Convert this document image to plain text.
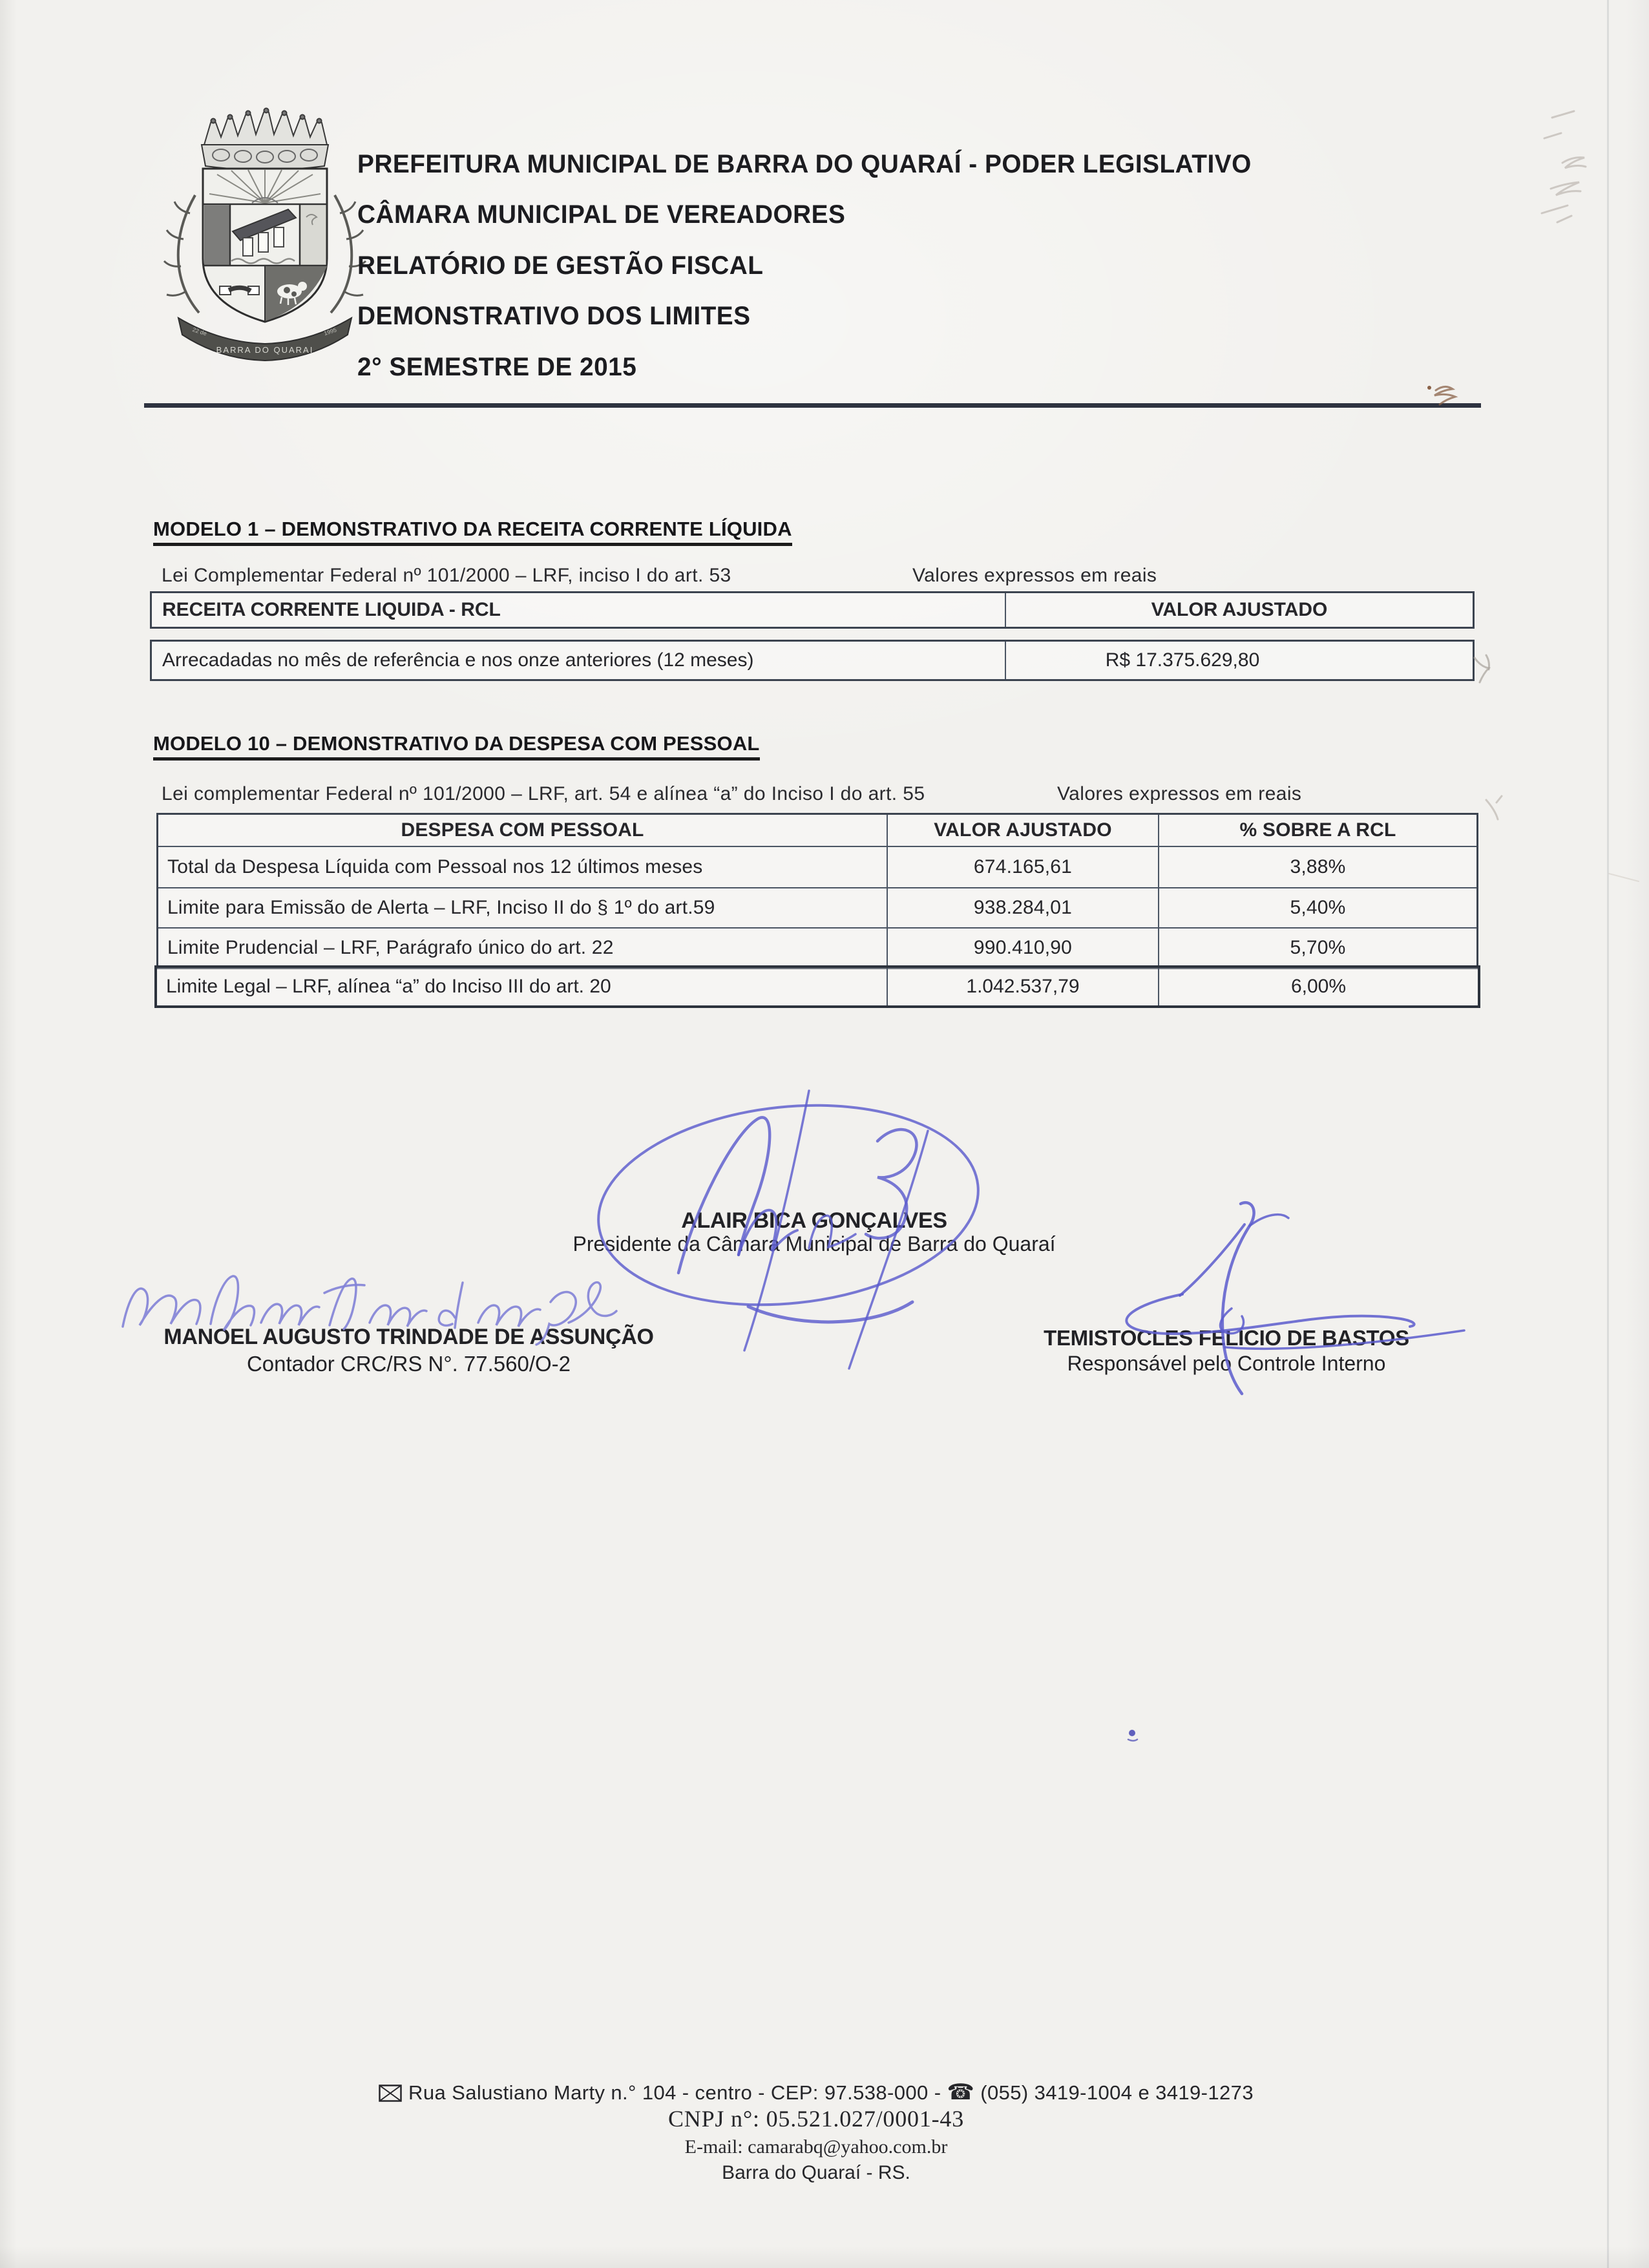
BARRA DO QUARAI
22 de	1995
PREFEITURA MUNICIPAL DE BARRA DO QUARAÍ - PODER LEGISLATIVO
CÂMARA MUNICIPAL DE VEREADORES
RELATÓRIO DE GESTÃO FISCAL
DEMONSTRATIVO DOS LIMITES
2° SEMESTRE DE 2015
MODELO 1 – DEMONSTRATIVO DA RECEITA CORRENTE LÍQUIDA
Lei Complementar Federal nº 101/2000 – LRF, inciso I do art. 53	Valores expressos em reais
RECEITA CORRENTE LIQUIDA - RCL	VALOR AJUSTADO
Arrecadadas no mês de referência e nos onze anteriores (12 meses)	R$ 17.375.629,80
MODELO 10 – DEMONSTRATIVO DA DESPESA COM PESSOAL
Lei complementar Federal nº 101/2000 – LRF, art. 54 e alínea “a” do Inciso I do art. 55	Valores expressos em reais
DESPESA COM PESSOAL	VALOR AJUSTADO	% SOBRE A RCL
Total da Despesa Líquida com Pessoal nos 12 últimos meses	674.165,61	3,88%
Limite para Emissão de Alerta – LRF, Inciso II do § 1º do art.59	938.284,01	5,40%
Limite Prudencial – LRF, Parágrafo único do art. 22	990.410,90	5,70%
Limite Legal – LRF, alínea “a” do Inciso III do art. 20	1.042.537,79	6,00%
ALAIR BICA GONÇALVES
Presidente da Câmara Municipal de Barra do Quaraí
MANOEL AUGUSTO TRINDADE DE ASSUNÇÃO
Contador CRC/RS N°. 77.560/O-2
TEMISTOCLES FELICIO DE BASTOS
Responsável pelo Controle Interno
Rua Salustiano Marty n.° 104 - centro - CEP: 97.538-000 - ☎ (055) 3419-1004 e 3419-1273
CNPJ n°: 05.521.027/0001-43
E-mail: camarabq@yahoo.com.br
Barra do Quaraí - RS.
